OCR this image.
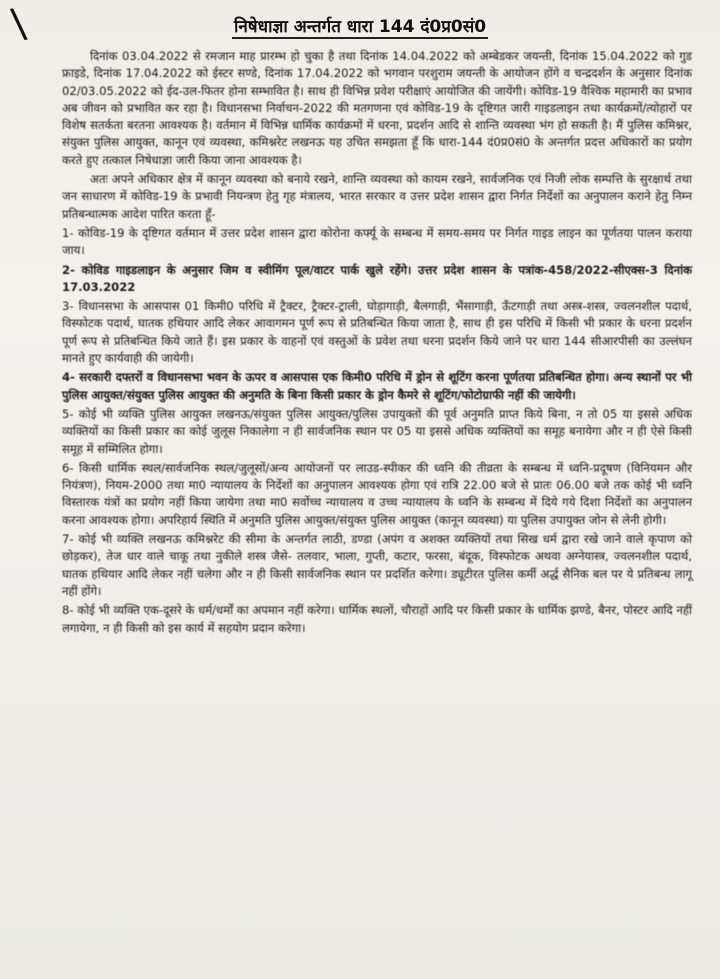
\	निषेधाज्ञा अन्तर्गत धारा 144 दं0प्र0सं0

दिनांक 03.04.2022 से रमजान माह प्रारम्भ हो चुका है तथा दिनांक 14.04.2022 को अम्बेडकर जयन्ती, दिनांक 15.04.2022 को गुड फ्राइडे, दिनांक 17.04.2022 को ईस्टर सण्डे, दिनांक 17.04.2022 को भगवान परशुराम जयन्ती के आयोजन होंगे व चन्द्रदर्शन के अनुसार दिनांक 02/03.05.2022 को ईद-उल-फितर होना सम्भावित है। साथ ही विभिन्न प्रवेश परीक्षाएं आयोजित की जायेंगी। कोविड-19 वैश्विक महामारी का प्रभाव अब जीवन को प्रभावित कर रहा है। विधानसभा निर्वाचन-2022 की मतगणना एवं कोविड-19 के दृष्टिगत जारी गाइडलाइन तथा कार्यक्रमों/त्योहारों पर विशेष सतर्कता बरतना आवश्यक है। वर्तमान में विभिन्न धार्मिक कार्यक्रमों में धरना, प्रदर्शन आदि से शान्ति व्यवस्था भंग हो सकती है। मैं पुलिस कमिश्नर, संयुक्त पुलिस आयुक्त, कानून एवं व्यवस्था, कमिश्नरेट लखनऊ यह उचित समझता हूँ कि धारा-144 दं0प्र0सं0 के अन्तर्गत प्रदत्त अधिकारों का प्रयोग करते हुए तत्काल निषेधाज्ञा जारी किया जाना आवश्यक है।

अतः अपने अधिकार क्षेत्र में कानून व्यवस्था को बनाये रखने, शान्ति व्यवस्था को कायम रखने, सार्वजनिक एवं निजी लोक सम्पत्ति के सुरक्षार्थ तथा जन साधारण में कोविड-19 के प्रभावी नियन्त्रण हेतु गृह मंत्रालय, भारत सरकार व उत्तर प्रदेश शासन द्वारा निर्गत निर्देशों का अनुपालन कराने हेतु निम्न प्रतिबन्धात्मक आदेश पारित करता हूँ-

1- कोविड-19 के दृष्टिगत वर्तमान में उत्तर प्रदेश शासन द्वारा कोरोना कर्फ्यू के सम्बन्ध में समय-समय पर निर्गत गाइड लाइन का पूर्णतया पालन कराया जाय।

2- कोविड गाइडलाइन के अनुसार जिम व स्वीमिंग पूल/वाटर पार्क खुले रहेंगे। उत्तर प्रदेश शासन के पत्रांक-458/2022-सीएक्स-3 दिनांक 17.03.2022

3- विधानसभा के आसपास 01 किमी0 परिधि में ट्रैक्टर, ट्रैक्टर-ट्राली, घोड़ागाड़ी, बैलगाड़ी, भैंसागाड़ी, ऊँटगाड़ी तथा अस्त्र-शस्त्र, ज्वलनशील पदार्थ, विस्फोटक पदार्थ, घातक हथियार आदि लेकर आवागमन पूर्ण रूप से प्रतिबन्धित किया जाता है, साथ ही इस परिधि में किसी भी प्रकार के धरना प्रदर्शन पूर्ण रूप से प्रतिबन्धित किये जाते हैं। इस प्रकार के वाहनों एवं वस्तुओं के प्रवेश तथा धरना प्रदर्शन किये जाने पर धारा 144 सीआरपीसी का उल्लंघन मानते हुए कार्यवाही की जायेगी।

4- सरकारी दफ्तरों व विधानसभा भवन के ऊपर व आसपास एक किमी0 परिधि में ड्रोन से शूटिंग करना पूर्णतया प्रतिबन्धित होगा। अन्य स्थानों पर भी पुलिस आयुक्त/संयुक्त पुलिस आयुक्त की अनुमति के बिना किसी प्रकार के ड्रोन कैमरे से शूटिंग/फोटोग्राफी नहीं की जायेगी।

5- कोई भी व्यक्ति पुलिस आयुक्त लखनऊ/संयुक्त पुलिस आयुक्त/पुलिस उपायुक्तों की पूर्व अनुमति प्राप्त किये बिना, न तो 05 या इससे अधिक व्यक्तियों का किसी प्रकार का कोई जुलूस निकालेगा न ही सार्वजनिक स्थान पर 05 या इससे अधिक व्यक्तियों का समूह बनायेगा और न ही ऐसे किसी समूह में सम्मिलित होगा।

6- किसी धार्मिक स्थल/सार्वजनिक स्थल/जुलूसों/अन्य आयोजनों पर लाउड-स्पीकर की ध्वनि की तीव्रता के सम्बन्ध में ध्वनि-प्रदूषण (विनियमन और नियंत्रण), नियम-2000 तथा मा0 न्यायालय के निर्देशों का अनुपालन आवश्यक होगा एवं रात्रि 22.00 बजे से प्रातः 06.00 बजे तक कोई भी ध्वनि विस्तारक यंत्रों का प्रयोग नहीं किया जायेगा तथा मा0 सर्वोच्च न्यायालय व उच्च न्यायालय के ध्वनि के सम्बन्ध में दिये गये दिशा निर्देशों का अनुपालन करना आवश्यक होगा। अपरिहार्य स्थिति में अनुमति पुलिस आयुक्त/संयुक्त पुलिस आयुक्त (कानून व्यवस्था) या पुलिस उपायुक्त जोन से लेनी होगी।

7- कोई भी व्यक्ति लखनऊ कमिश्नरेट की सीमा के अन्तर्गत लाठी, डण्डा (अपंग व अशक्त व्यक्तियों तथा सिख धर्म द्वारा रखे जाने वाले कृपाण को छोड़कर), तेज धार वाले चाकू तथा नुकीले शस्त्र जैसे- तलवार, भाला, गुप्ती, कटार, फरसा, बंदूक, विस्फोटक अथवा अग्नेयास्त्र, ज्वलनशील पदार्थ, घातक हथियार आदि लेकर नहीं चलेगा और न ही किसी सार्वजनिक स्थान पर प्रदर्शित करेगा। ड्यूटीरत पुलिस कर्मी अर्द्ध सैनिक बल पर ये प्रतिबन्ध लागू नहीं होंगे।

8- कोई भी व्यक्ति एक-दूसरे के धर्म/धर्मों का अपमान नहीं करेगा। धार्मिक स्थलों, चौराहों आदि पर किसी प्रकार के धार्मिक झण्डे, बैनर, पोस्टर आदि नहीं लगायेगा, न ही किसी को इस कार्य में सहयोग प्रदान करेगा।
